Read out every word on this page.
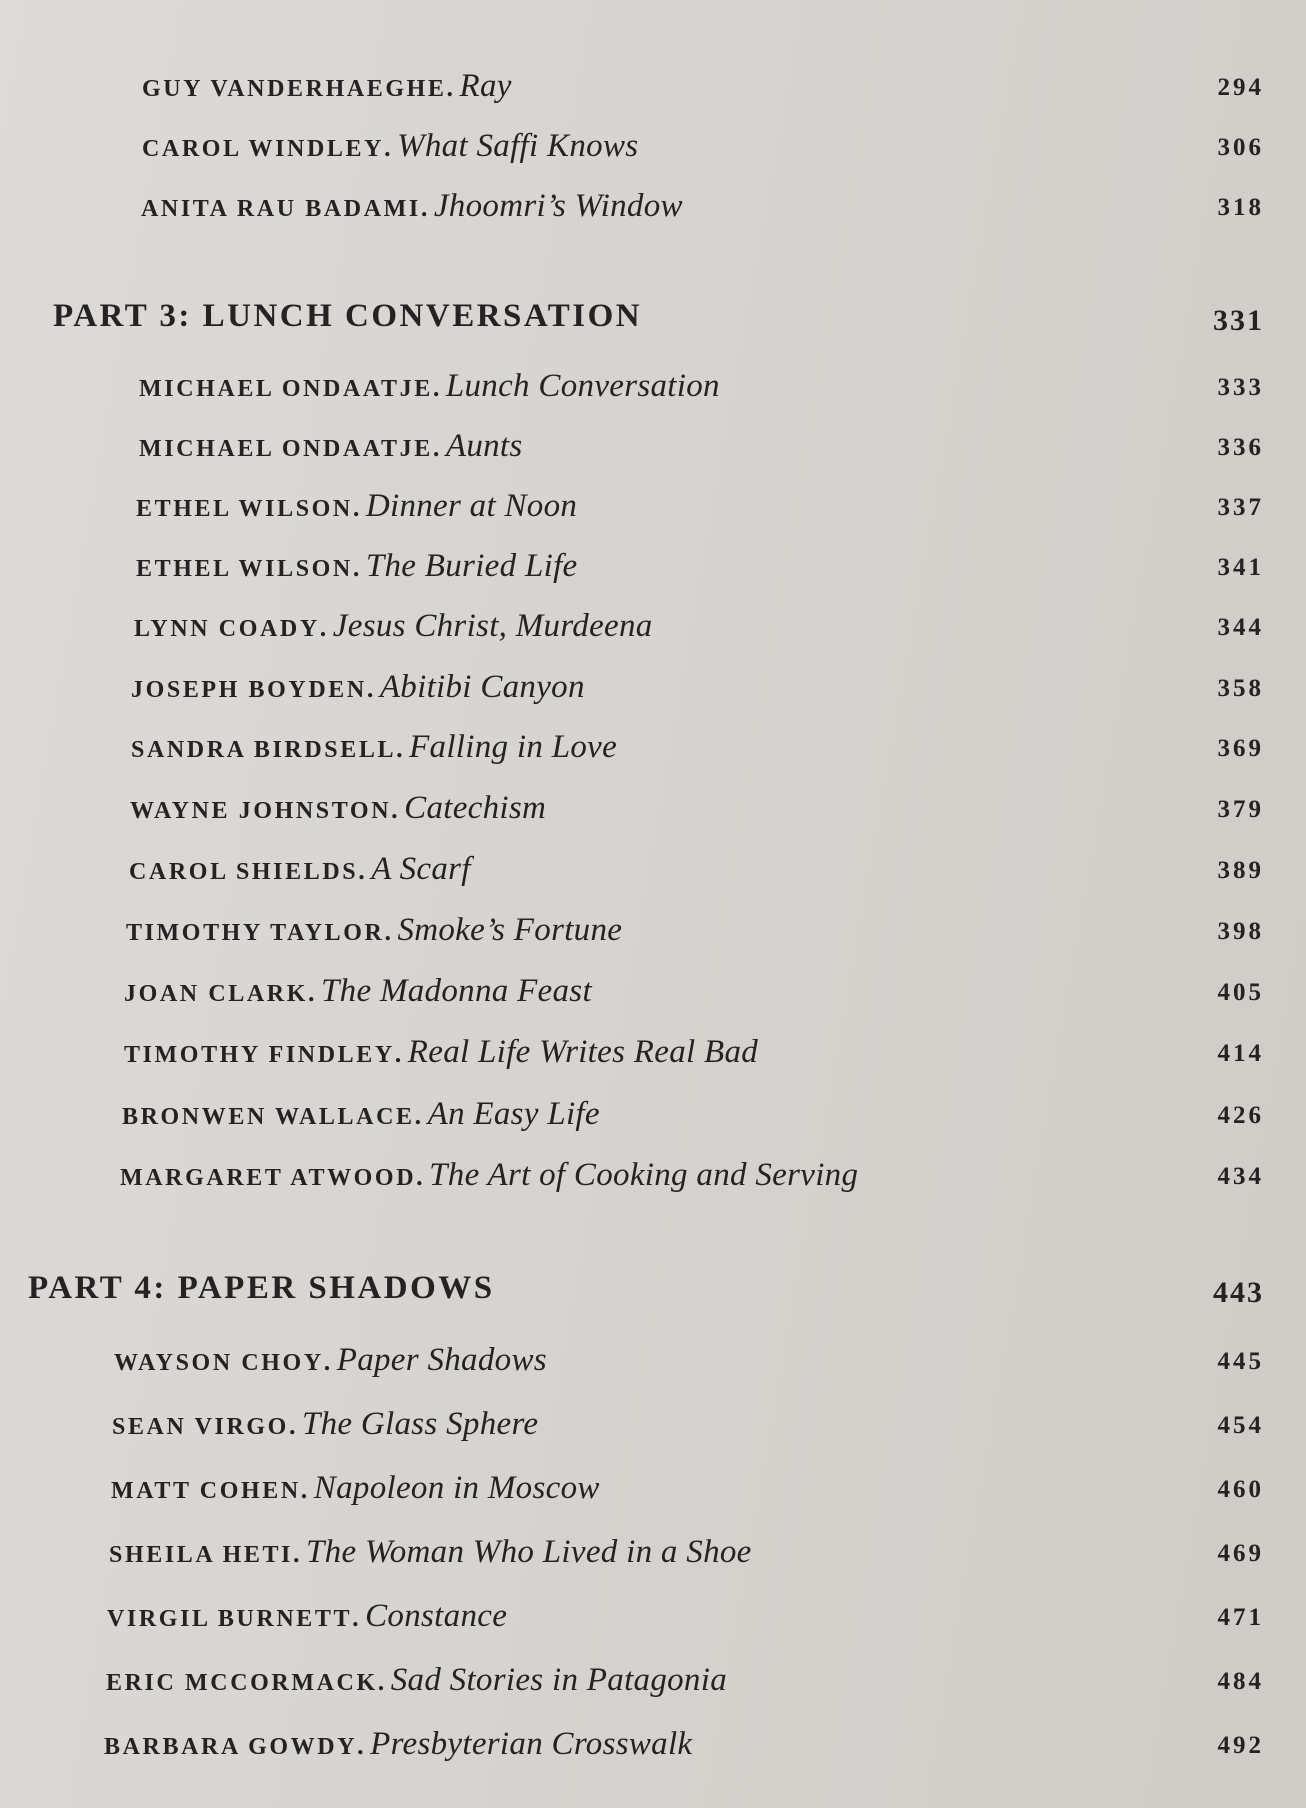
GUY VANDERHAEGHE. Ray	294
CAROL WINDLEY. What Saffi Knows	306
ANITA RAU BADAMI. Jhoomri’s Window	318
PART 3: LUNCH CONVERSATION	331
MICHAEL ONDAATJE. Lunch Conversation	333
MICHAEL ONDAATJE. Aunts	336
ETHEL WILSON. Dinner at Noon	337
ETHEL WILSON. The Buried Life	341
LYNN COADY. Jesus Christ, Murdeena	344
JOSEPH BOYDEN. Abitibi Canyon	358
SANDRA BIRDSELL. Falling in Love	369
WAYNE JOHNSTON. Catechism	379
CAROL SHIELDS. A Scarf	389
TIMOTHY TAYLOR. Smoke’s Fortune	398
JOAN CLARK. The Madonna Feast	405
TIMOTHY FINDLEY. Real Life Writes Real Bad	414
BRONWEN WALLACE. An Easy Life	426
MARGARET ATWOOD. The Art of Cooking and Serving	434
PART 4: PAPER SHADOWS	443
WAYSON CHOY. Paper Shadows	445
SEAN VIRGO. The Glass Sphere	454
MATT COHEN. Napoleon in Moscow	460
SHEILA HETI. The Woman Who Lived in a Shoe	469
VIRGIL BURNETT. Constance	471
ERIC MCCORMACK. Sad Stories in Patagonia	484
BARBARA GOWDY. Presbyterian Crosswalk	492
